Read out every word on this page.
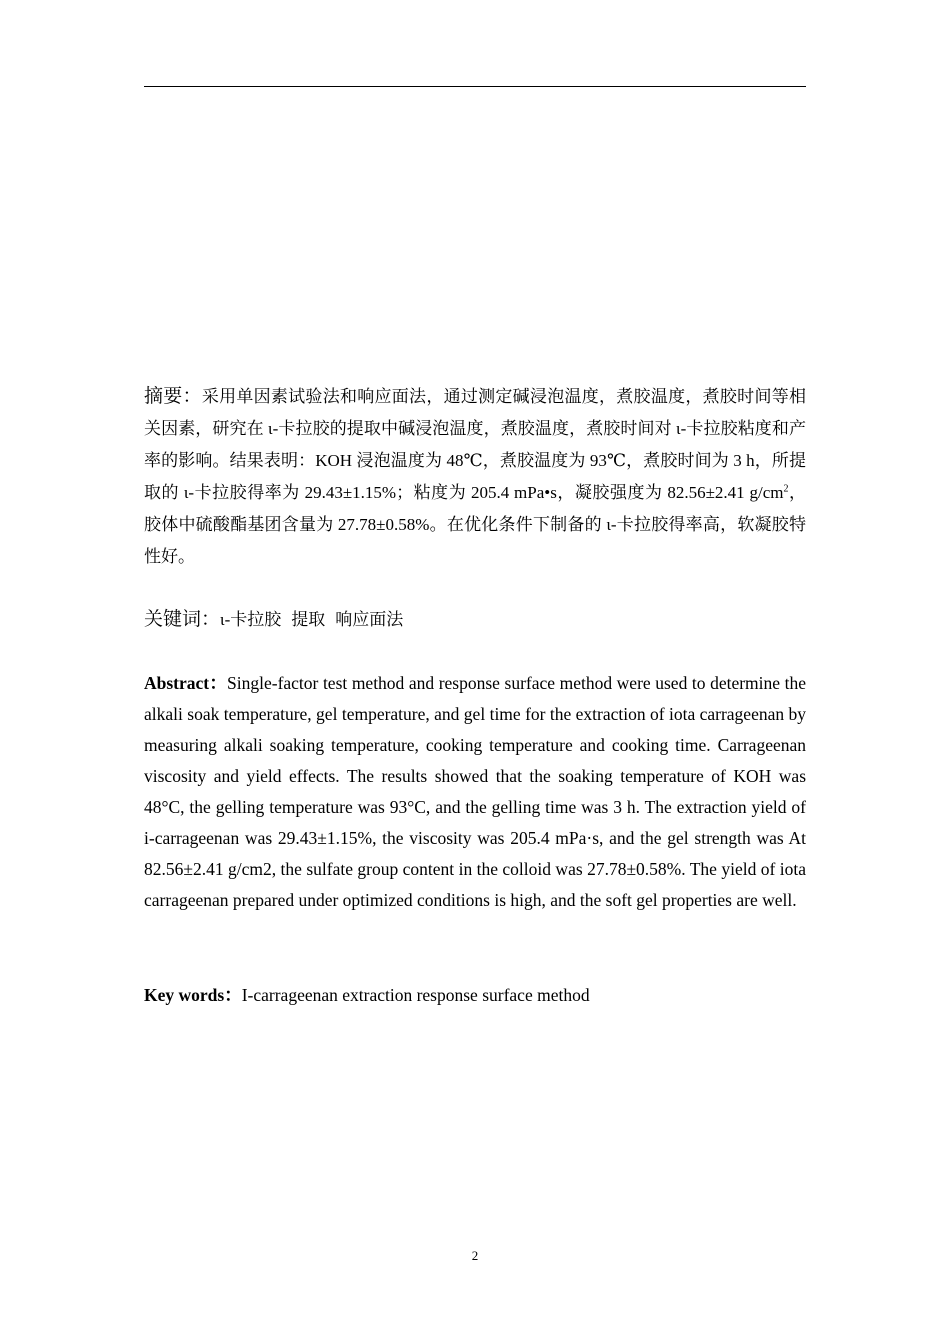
摘要：采用单因素试验法和响应面法，通过测定碱浸泡温度，煮胶温度，煮胶时间等相关因素，研究在 ι-卡拉胶的提取中碱浸泡温度，煮胶温度，煮胶时间对 ι-卡拉胶粘度和产率的影响。结果表明：KOH 浸泡温度为 48℃，煮胶温度为 93℃，煮胶时间为 3 h，所提取的 ι-卡拉胶得率为 29.43±1.15%；粘度为 205.4 mPa•s，凝胶强度为 82.56±2.41 $g/cm^2$，胶体中硫酸酯基团含量为 27.78±0.58%。在优化条件下制备的 ι-卡拉胶得率高，软凝胶特性好。
关键词：ι-卡拉胶 提取 响应面法
Abstract：Single-factor test method and response surface method were used to determine the alkali soak temperature, gel temperature, and gel time for the extraction of iota carrageenan by measuring alkali soaking temperature, cooking temperature and cooking time. Carrageenan viscosity and yield effects. The results showed that the soaking temperature of KOH was 48°C, the gelling temperature was 93°C, and the gelling time was 3 h. The extraction yield of i-carrageenan was 29.43±1.15%, the viscosity was 205.4 mPa·s, and the gel strength was At 82.56±2.41 g/cm2, the sulfate group content in the colloid was 27.78±0.58%. The yield of iota carrageenan prepared under optimized conditions is high, and the soft gel properties are well.
Key words：I-carrageenan extraction response surface method
2
